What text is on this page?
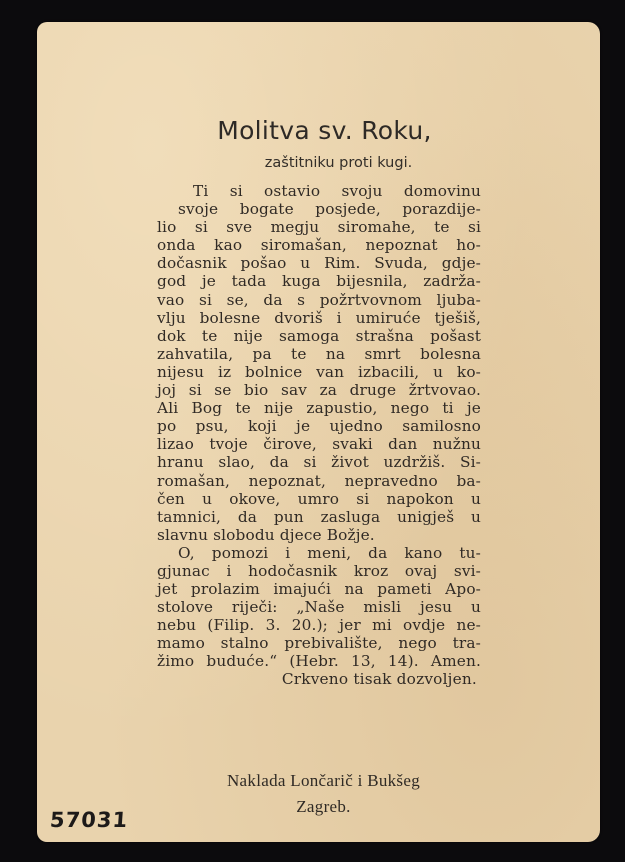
Molitva sv. Roku,
zaštitniku proti kugi.
Ti si ostavio svoju domovinu
svoje bogate posjede, porazdije-
lio si sve megju siromahe, te si
onda kao siromašan, nepoznat ho-
dočasnik pošao u Rim. Svuda, gdje-
god je tada kuga bijesnila, zadrža-
vao si se, da s požrtvovnom ljuba-
vlju bolesne dvoriš i umiruće tješiš,
dok te nije samoga strašna pošast
zahvatila, pa te na smrt bolesna
nijesu iz bolnice van izbacili, u ko-
joj si se bio sav za druge žrtvovao.
Ali Bog te nije zapustio, nego ti je
po psu, koji je ujedno samilosno
lizao tvoje čirove, svaki dan nužnu
hranu slao, da si život uzdržiš. Si-
romašan, nepoznat, nepravedno ba-
čen u okove, umro si napokon u
tamnici, da pun zasluga unigješ u
slavnu slobodu djece Božje.
O, pomozi i meni, da kano tu-
gjunac i hodočasnik kroz ovaj svi-
jet prolazim imajući na pameti Apo-
stolove riječi: „Naše misli jesu u
nebu (Filip. 3. 20.); jer mi ovdje ne-
mamo stalno prebivalište, nego tra-
žimo buduće.“ (Hebr. 13, 14). Amen.
Crkveno tisak dozvoljen.
Naklada Lončarič i Bukšeg
Zagreb.
57031
